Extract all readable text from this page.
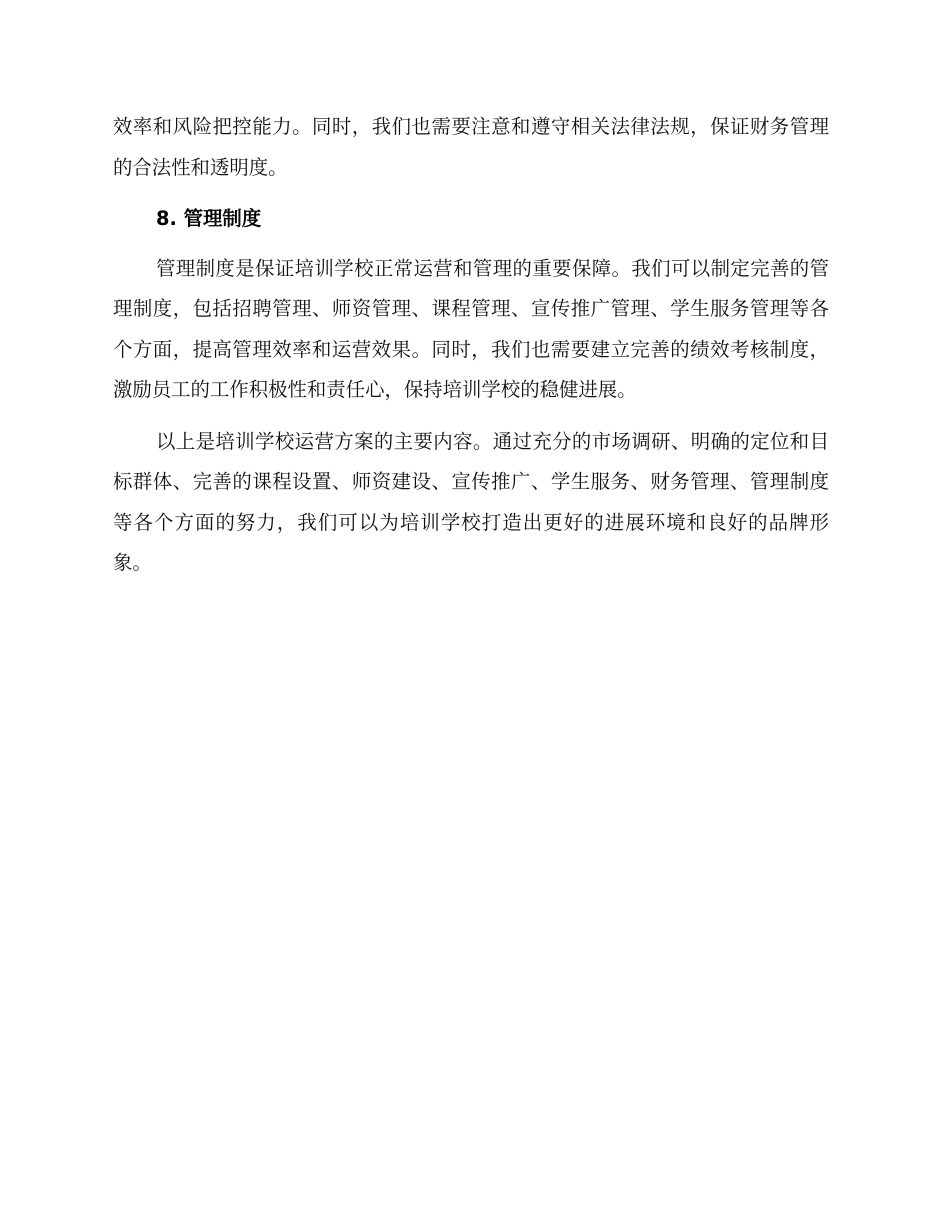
效率和风险把控能力。同时，我们也需要注意和遵守相关法律法规，保证财务管理的合法性和透明度。

8. 管理制度

管理制度是保证培训学校正常运营和管理的重要保障。我们可以制定完善的管理制度，包括招聘管理、师资管理、课程管理、宣传推广管理、学生服务管理等各个方面，提高管理效率和运营效果。同时，我们也需要建立完善的绩效考核制度，激励员工的工作积极性和责任心，保持培训学校的稳健进展。

以上是培训学校运营方案的主要内容。通过充分的市场调研、明确的定位和目标群体、完善的课程设置、师资建设、宣传推广、学生服务、财务管理、管理制度等各个方面的努力，我们可以为培训学校打造出更好的进展环境和良好的品牌形象。
